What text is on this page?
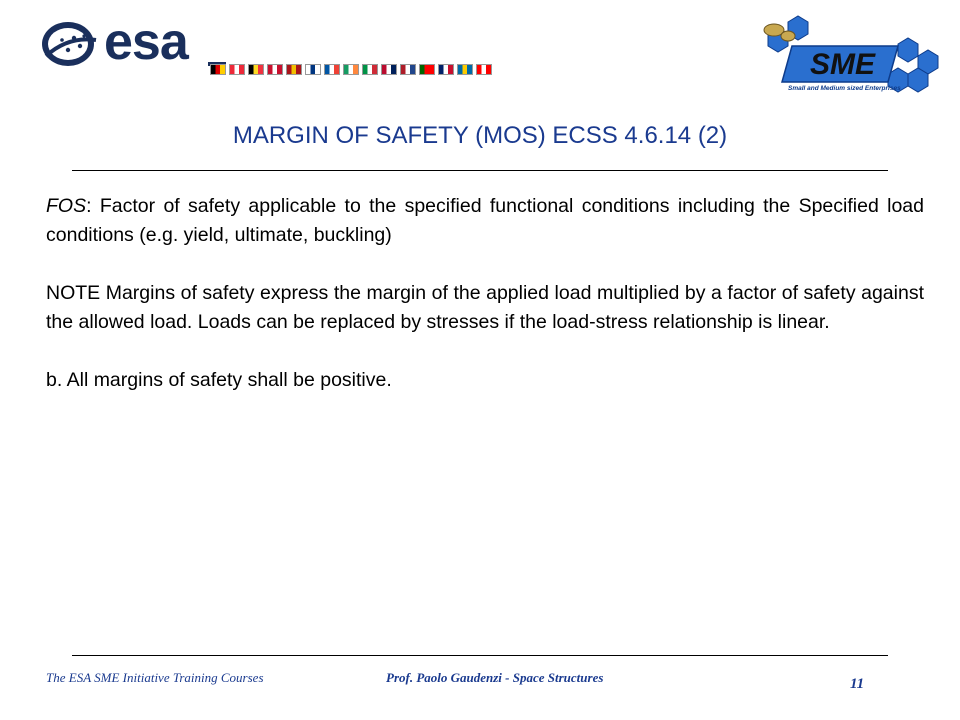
esa	SME
Small and Medium sized Enterprises
MARGIN OF SAFETY (MOS) ECSS 4.6.14 (2)

FOS: Factor of safety applicable to the specified functional conditions including the Specified load conditions (e.g. yield, ultimate, buckling)

NOTE Margins of safety express the margin of the applied load multiplied by a factor of safety against the allowed load. Loads can be replaced by stresses if the load-stress relationship is linear.

b. All margins of safety shall be positive.

The ESA SME Initiative Training Courses	Prof. Paolo Gaudenzi - Space Structures	11
